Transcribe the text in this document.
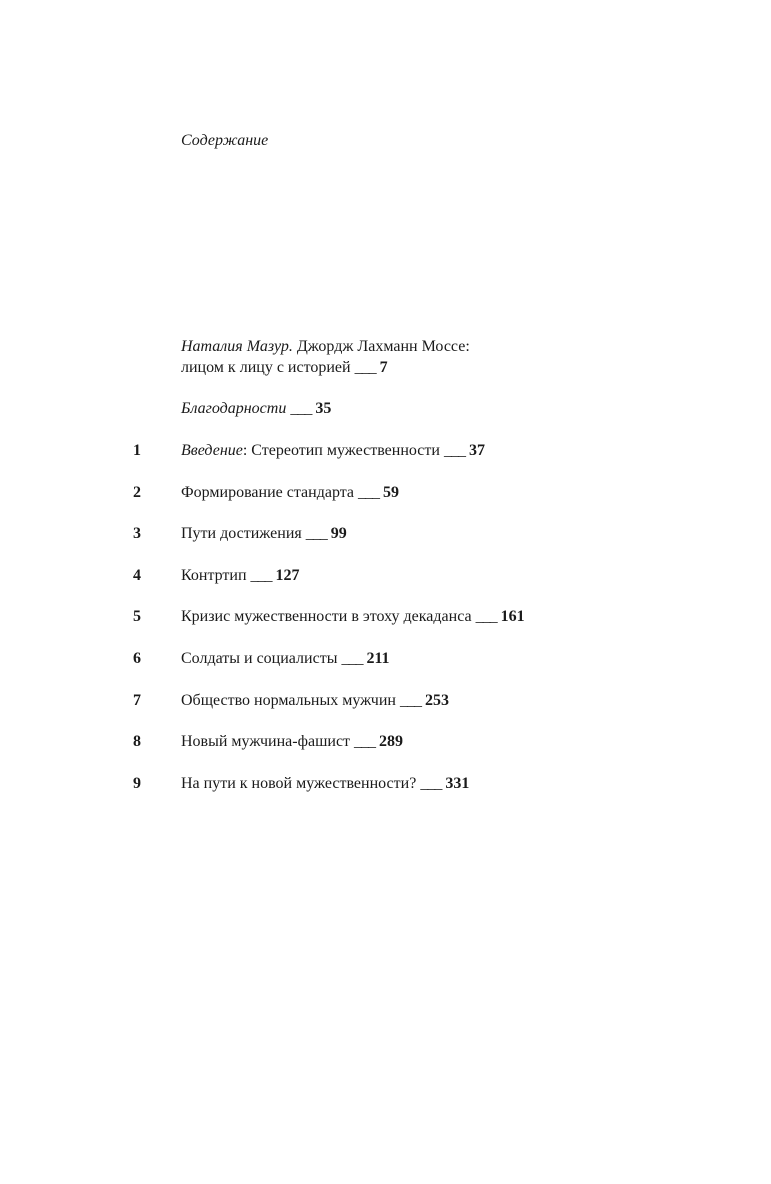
Содержание
Наталия Мазур. Джордж Лахманн Моссе:
лицом к лицу с историей ___ 7
Благодарности ___ 35
1	Введение: Стереотип мужественности ___ 37
2	Формирование стандарта ___ 59
3	Пути достижения ___ 99
4	Контртип ___ 127
5	Кризис мужественности в этоху декаданса ___ 161
6	Солдаты и социалисты ___ 211
7	Общество нормальных мужчин ___ 253
8	Новый мужчина-фашист ___ 289
9	На пути к новой мужественности? ___ 331
